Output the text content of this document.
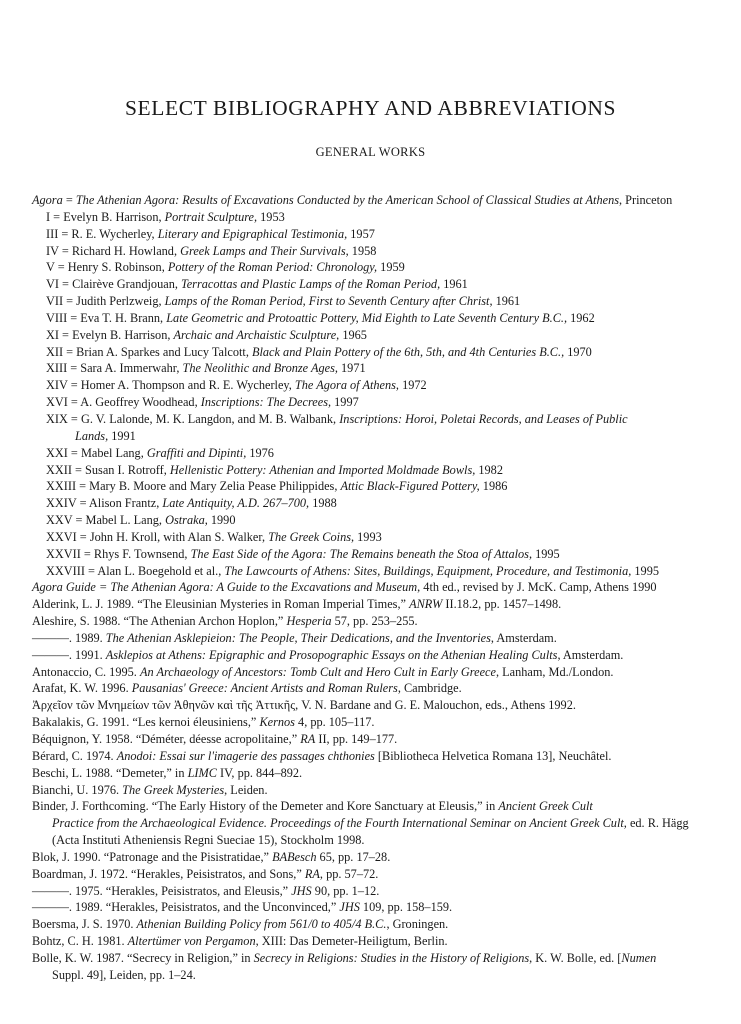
SELECT BIBLIOGRAPHY AND ABBREVIATIONS
GENERAL WORKS
Agora = The Athenian Agora: Results of Excavations Conducted by the American School of Classical Studies at Athens, Princeton
I = Evelyn B. Harrison, Portrait Sculpture, 1953
III = R. E. Wycherley, Literary and Epigraphical Testimonia, 1957
IV = Richard H. Howland, Greek Lamps and Their Survivals, 1958
V = Henry S. Robinson, Pottery of the Roman Period: Chronology, 1959
VI = Clairève Grandjouan, Terracottas and Plastic Lamps of the Roman Period, 1961
VII = Judith Perlzweig, Lamps of the Roman Period, First to Seventh Century after Christ, 1961
VIII = Eva T. H. Brann, Late Geometric and Protoattic Pottery, Mid Eighth to Late Seventh Century B.C., 1962
XI = Evelyn B. Harrison, Archaic and Archaistic Sculpture, 1965
XII = Brian A. Sparkes and Lucy Talcott, Black and Plain Pottery of the 6th, 5th, and 4th Centuries B.C., 1970
XIII = Sara A. Immerwahr, The Neolithic and Bronze Ages, 1971
XIV = Homer A. Thompson and R. E. Wycherley, The Agora of Athens, 1972
XVI = A. Geoffrey Woodhead, Inscriptions: The Decrees, 1997
XIX = G. V. Lalonde, M. K. Langdon, and M. B. Walbank, Inscriptions: Horoi, Poletai Records, and Leases of Public
Lands, 1991
XXI = Mabel Lang, Graffiti and Dipinti, 1976
XXII = Susan I. Rotroff, Hellenistic Pottery: Athenian and Imported Moldmade Bowls, 1982
XXIII = Mary B. Moore and Mary Zelia Pease Philippides, Attic Black-Figured Pottery, 1986
XXIV = Alison Frantz, Late Antiquity, A.D. 267–700, 1988
XXV = Mabel L. Lang, Ostraka, 1990
XXVI = John H. Kroll, with Alan S. Walker, The Greek Coins, 1993
XXVII = Rhys F. Townsend, The East Side of the Agora: The Remains beneath the Stoa of Attalos, 1995
XXVIII = Alan L. Boegehold et al., The Lawcourts of Athens: Sites, Buildings, Equipment, Procedure, and Testimonia, 1995
Agora Guide = The Athenian Agora: A Guide to the Excavations and Museum, 4th ed., revised by J. McK. Camp, Athens 1990
Alderink, L. J. 1989. “The Eleusinian Mysteries in Roman Imperial Times,” ANRW II.18.2, pp. 1457–1498.
Aleshire, S. 1988. “The Athenian Archon Hoplon,” Hesperia 57, pp. 253–255.
———. 1989. The Athenian Asklepieion: The People, Their Dedications, and the Inventories, Amsterdam.
———. 1991. Asklepios at Athens: Epigraphic and Prosopographic Essays on the Athenian Healing Cults, Amsterdam.
Antonaccio, C. 1995. An Archaeology of Ancestors: Tomb Cult and Hero Cult in Early Greece, Lanham, Md./London.
Arafat, K. W. 1996. Pausanias' Greece: Ancient Artists and Roman Rulers, Cambridge.
Ἀρχεῖον τῶν Μνημείων τῶν Ἀθηνῶν καὶ τῆς Ἀττικῆς, V. N. Bardane and G. E. Malouchon, eds., Athens 1992.
Bakalakis, G. 1991. “Les kernoi éleusiniens,” Kernos 4, pp. 105–117.
Béquignon, Y. 1958. “Déméter, déesse acropolitaine,” RA II, pp. 149–177.
Bérard, C. 1974. Anodoi: Essai sur l'imagerie des passages chthonies [Bibliotheca Helvetica Romana 13], Neuchâtel.
Beschi, L. 1988. “Demeter,” in LIMC IV, pp. 844–892.
Bianchi, U. 1976. The Greek Mysteries, Leiden.
Binder, J. Forthcoming. “The Early History of the Demeter and Kore Sanctuary at Eleusis,” in Ancient Greek Cult
Practice from the Archaeological Evidence. Proceedings of the Fourth International Seminar on Ancient Greek Cult, ed. R. Hägg
(Acta Instituti Atheniensis Regni Sueciae 15), Stockholm 1998.
Blok, J. 1990. “Patronage and the Pisistratidae,” BABesch 65, pp. 17–28.
Boardman, J. 1972. “Herakles, Peisistratos, and Sons,” RA, pp. 57–72.
———. 1975. “Herakles, Peisistratos, and Eleusis,” JHS 90, pp. 1–12.
———. 1989. “Herakles, Peisistratos, and the Unconvinced,” JHS 109, pp. 158–159.
Boersma, J. S. 1970. Athenian Building Policy from 561/0 to 405/4 B.C., Groningen.
Bohtz, C. H. 1981. Altertümer von Pergamon, XIII: Das Demeter-Heiligtum, Berlin.
Bolle, K. W. 1987. “Secrecy in Religion,” in Secrecy in Religions: Studies in the History of Religions, K. W. Bolle, ed. [Numen
Suppl. 49], Leiden, pp. 1–24.
